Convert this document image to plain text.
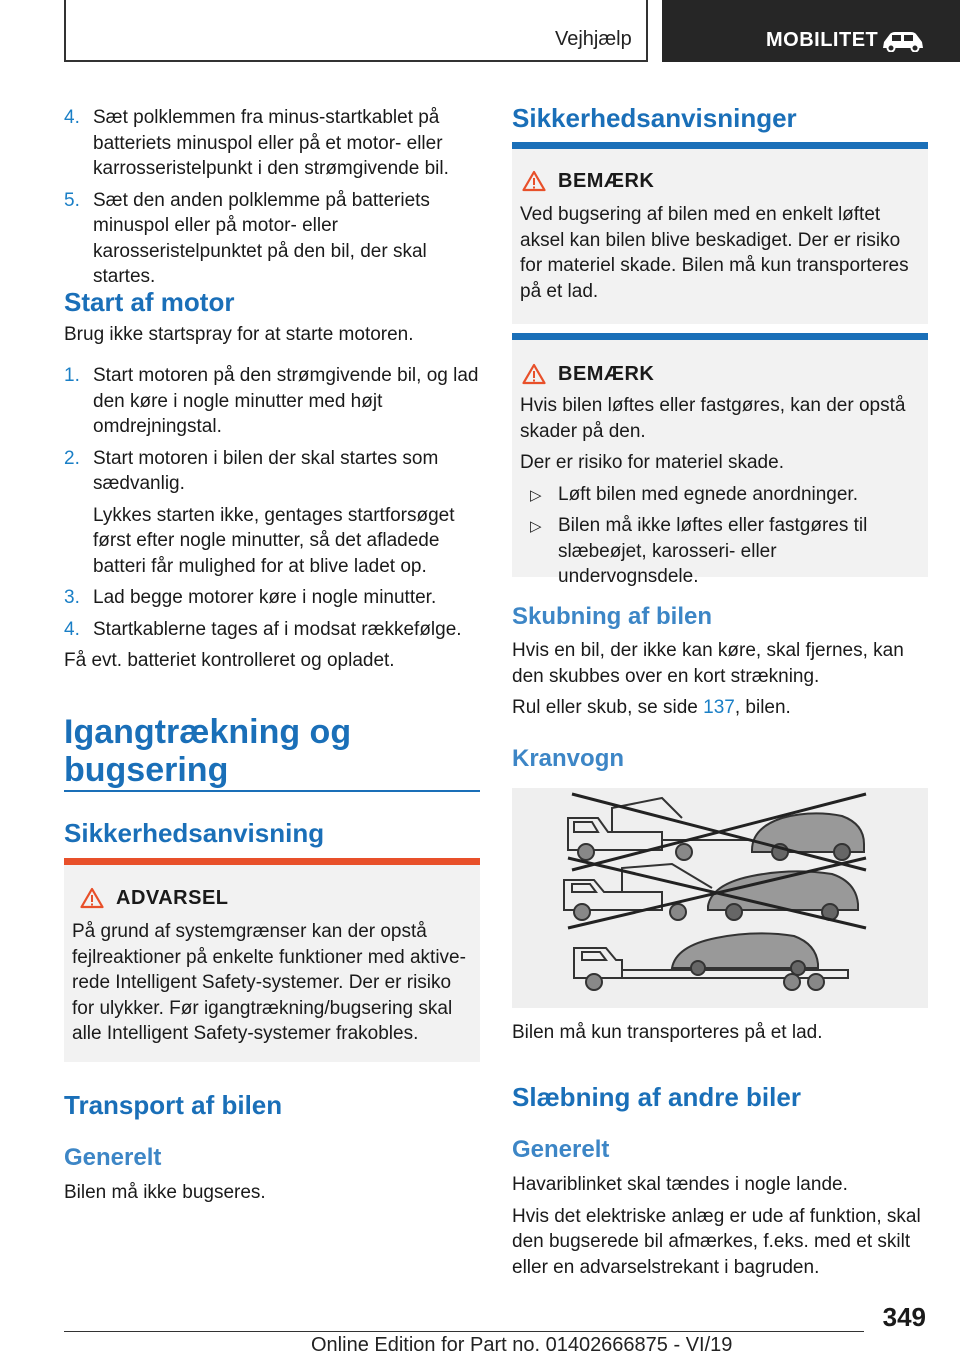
Vejhjælp	MOBILITET
4. Sæt polklemmen fra minus-startkablet på batteriets minuspol eller på et motor- eller karrosseristelpunkt i den strømgivende bil.
5. Sæt den anden polklemme på batteriets minuspol eller på motor- eller karosseristelpunktet på den bil, der skal startes.
Start af motor

Brug ikke startspray for at starte motoren.

1. Start motoren på den strømgivende bil, og lad den køre i nogle minutter med højt omdrejningstal.
2. Start motoren i bilen der skal startes som sædvanlig.
Lykkes starten ikke, gentages startforsøget først efter nogle minutter, så det afladede batteri får mulighed for at blive ladet op.
3. Lad begge motorer køre i nogle minutter.
4. Startkablerne tages af i modsat rækkefølge.

Få evt. batteriet kontrolleret og opladet.

Igangtrækning og bugsering
Sikkerhedsanvisning
ADVARSEL

På grund af systemgrænser kan der opstå fejlreaktioner på enkelte funktioner med aktive-rede Intelligent Safety-systemer. Der er risiko for ulykker. Før igangtrækning/bugsering skal alle Intelligent Safety-systemer frakobles.

Transport af bilen
Generelt

Bilen må ikke bugseres.

Sikkerhedsanvisninger
BEMÆRK

Ved bugsering af bilen med en enkelt løftet aksel kan bilen blive beskadiget. Der er risiko for materiel skade. Bilen må kun transporteres på et lad.

BEMÆRK

Hvis bilen løftes eller fastgøres, kan der opstå skader på den.

Der er risiko for materiel skade.

▷ Løft bilen med egnede anordninger.
▷ Bilen må ikke løftes eller fastgøres til slæbeøjet, karosseri- eller undervognsdele.
Skubning af bilen

Hvis en bil, der ikke kan køre, skal fjernes, kan den skubbes over en kort strækning.

Rul eller skub, se side 137, bilen.

Kranvogn

Bilen må kun transporteres på et lad.

Slæbning af andre biler
Generelt

Havariblinket skal tændes i nogle lande.

Hvis det elektriske anlæg er ude af funktion, skal den bugserede bil afmærkes, f.eks. med et skilt eller en advarselstrekant i bagruden.

349
Online Edition for Part no. 01402666875 - VI/19
